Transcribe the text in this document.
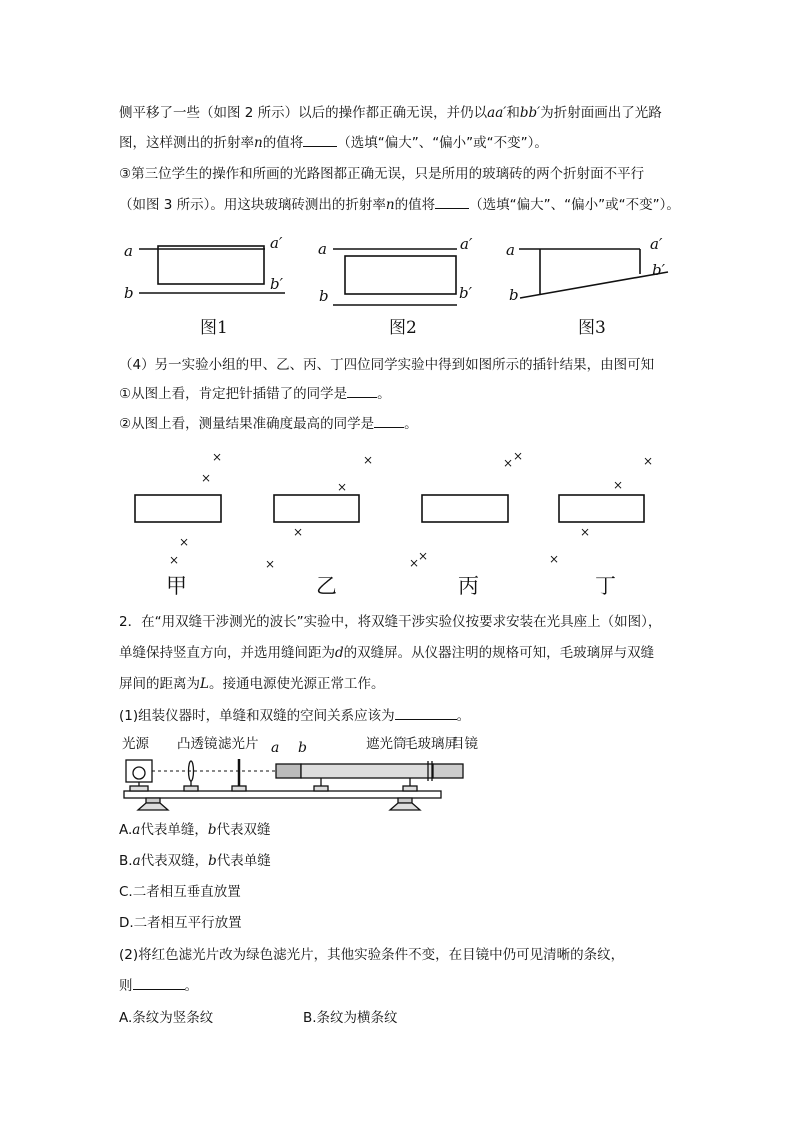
侧平移了一些（如图 2 所示）以后的操作都正确无误，并仍以aa′和bb′为折射面画出了光路
图，这样测出的折射率n的值将	（选填“偏大”、“偏小”或“不变”）。
③第三位学生的操作和所画的光路图都正确无误，只是所用的玻璃砖的两个折射面不平行
（如图 3 所示）。用这块玻璃砖测出的折射率n的值将	（选填“偏大”、“偏小”或“不变”）。
a
b
a′
b′
a
b
a′
b′
a
b
a′
b′
图1	图2	图3
（4）另一实验小组的甲、乙、丙、丁四位同学实验中得到如图所示的插针结果，由图可知
①从图上看，肯定把针插错了的同学是 。
②从图上看，测量结果准确度最高的同学是 。
×
×
×
×
×
×
×
×
×
×
×
×
×
×
×
×
甲	乙	丙	丁
2．在“用双缝干涉测光的波长”实验中，将双缝干涉实验仪按要求安装在光具座上（如图），
单缝保持竖直方向，并选用缝间距为d的双缝屏。从仪器注明的规格可知，毛玻璃屏与双缝
屏间的距离为L。接通电源使光源正常工作。
(1)组装仪器时，单缝和双缝的空间关系应该为	。
光源 凸透镜 滤光片	遮光筒
毛玻璃屏
目镜
a b
A.a代表单缝，b代表双缝
B.a代表双缝，b代表单缝
C.二者相互垂直放置
D.二者相互平行放置
(2)将红色滤光片改为绿色滤光片，其他实验条件不变，在目镜中仍可见清晰的条纹，
则	。
A.条纹为竖条纹	B.条纹为横条纹
